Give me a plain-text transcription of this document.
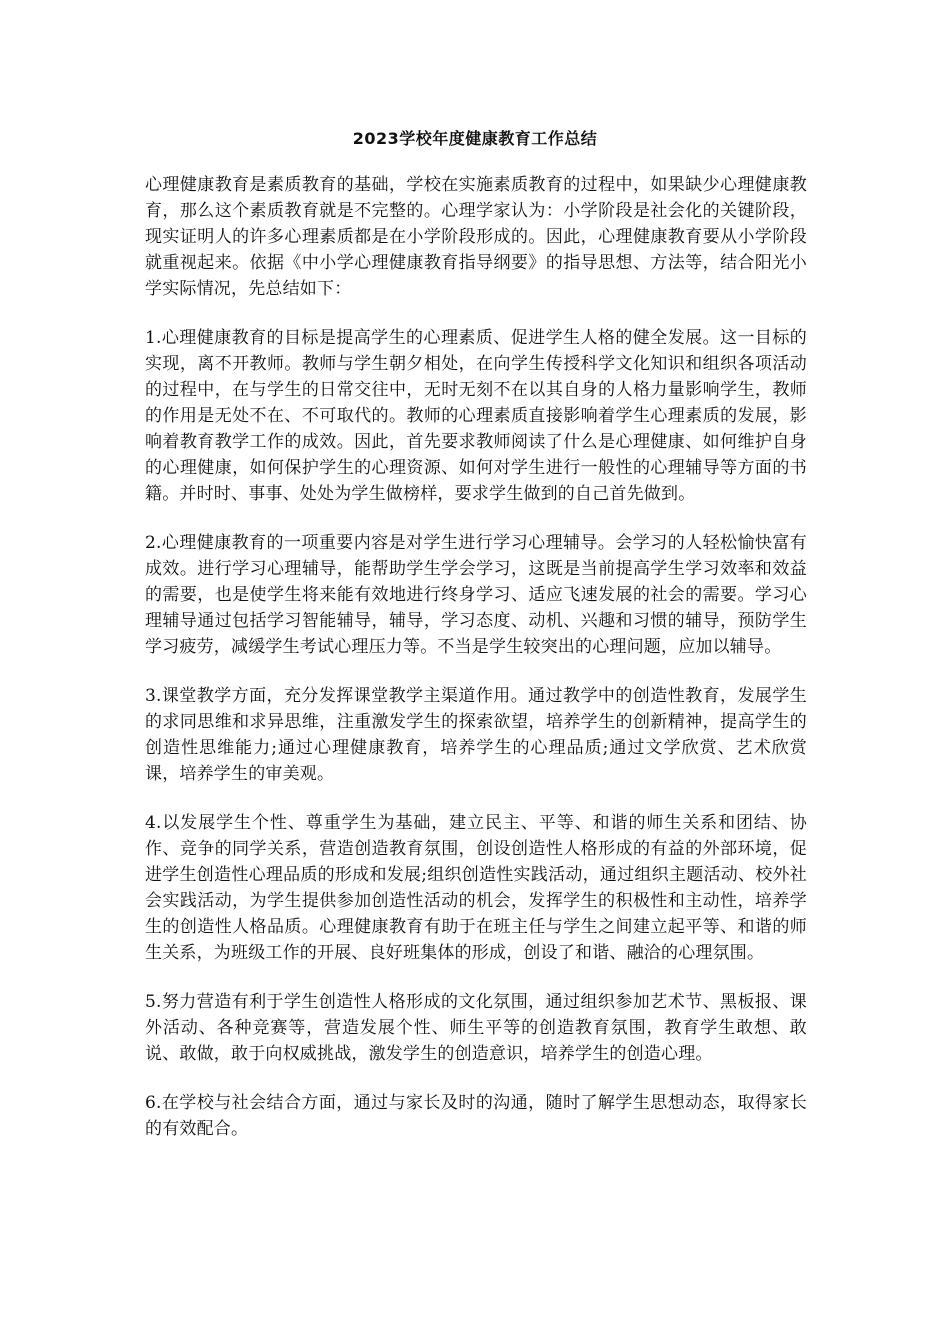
2023学校年度健康教育工作总结

心理健康教育是素质教育的基础，学校在实施素质教育的过程中，如果缺少心理健康教育，那么这个素质教育就是不完整的。心理学家认为：小学阶段是社会化的关键阶段，现实证明人的许多心理素质都是在小学阶段形成的。因此，心理健康教育要从小学阶段就重视起来。依据《中小学心理健康教育指导纲要》的指导思想、方法等，结合阳光小学实际情况，先总结如下：

1.心理健康教育的目标是提高学生的心理素质、促进学生人格的健全发展。这一目标的实现，离不开教师。教师与学生朝夕相处，在向学生传授科学文化知识和组织各项活动的过程中，在与学生的日常交往中，无时无刻不在以其自身的人格力量影响学生，教师的作用是无处不在、不可取代的。教师的心理素质直接影响着学生心理素质的发展，影响着教育教学工作的成效。因此，首先要求教师阅读了什么是心理健康、如何维护自身的心理健康，如何保护学生的心理资源、如何对学生进行一般性的心理辅导等方面的书籍。并时时、事事、处处为学生做榜样，要求学生做到的自己首先做到。

2.心理健康教育的一项重要内容是对学生进行学习心理辅导。会学习的人轻松愉快富有成效。进行学习心理辅导，能帮助学生学会学习，这既是当前提高学生学习效率和效益的需要，也是使学生将来能有效地进行终身学习、适应飞速发展的社会的需要。学习心理辅导通过包括学习智能辅导，辅导，学习态度、动机、兴趣和习惯的辅导，预防学生学习疲劳，减缓学生考试心理压力等。不当是学生较突出的心理问题，应加以辅导。

3.课堂教学方面，充分发挥课堂教学主渠道作用。通过教学中的创造性教育，发展学生的求同思维和求异思维，注重激发学生的探索欲望，培养学生的创新精神，提高学生的创造性思维能力;通过心理健康教育，培养学生的心理品质;通过文学欣赏、艺术欣赏课，培养学生的审美观。

4.以发展学生个性、尊重学生为基础，建立民主、平等、和谐的师生关系和团结、协作、竞争的同学关系，营造创造教育氛围，创设创造性人格形成的有益的外部环境，促进学生创造性心理品质的形成和发展;组织创造性实践活动，通过组织主题活动、校外社会实践活动，为学生提供参加创造性活动的机会，发挥学生的积极性和主动性，培养学生的创造性人格品质。心理健康教育有助于在班主任与学生之间建立起平等、和谐的师生关系，为班级工作的开展、良好班集体的形成，创设了和谐、融洽的心理氛围。

5.努力营造有利于学生创造性人格形成的文化氛围，通过组织参加艺术节、黑板报、课外活动、各种竞赛等，营造发展个性、师生平等的创造教育氛围，教育学生敢想、敢说、敢做，敢于向权威挑战，激发学生的创造意识，培养学生的创造心理。

6.在学校与社会结合方面，通过与家长及时的沟通，随时了解学生思想动态，取得家长的有效配合。
